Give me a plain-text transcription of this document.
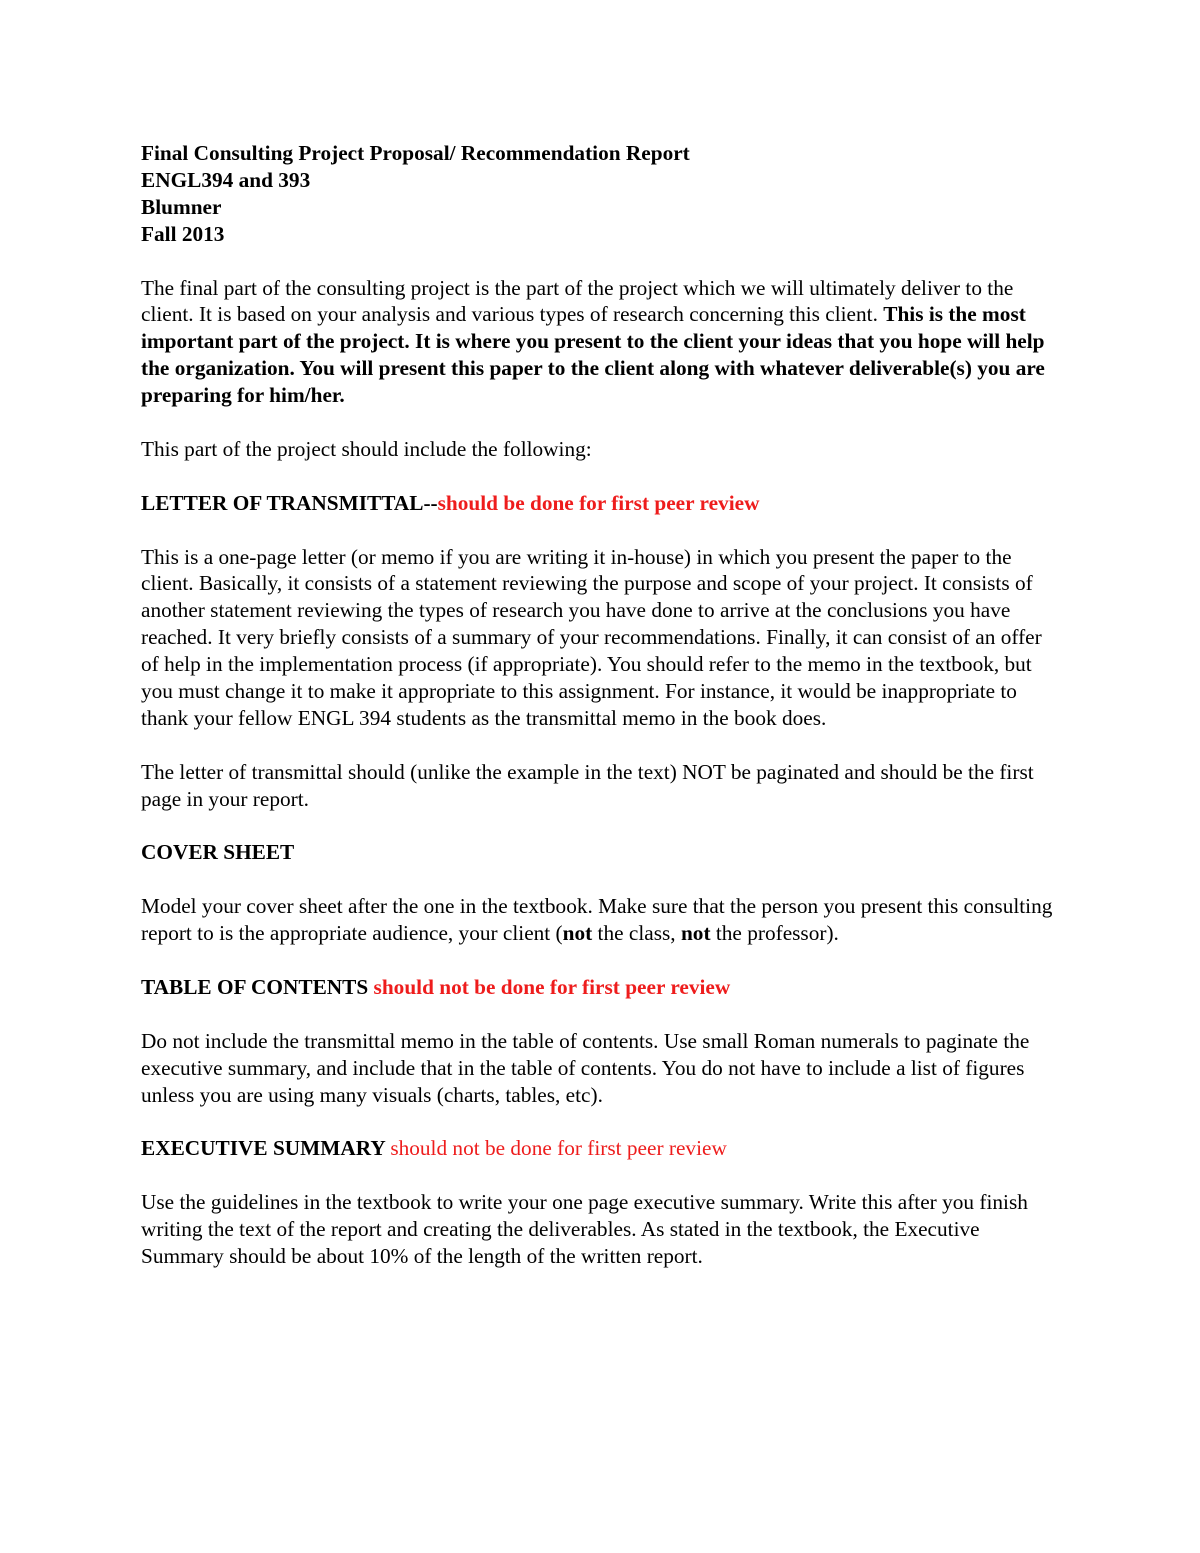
Final Consulting Project Proposal/ Recommendation Report
ENGL394 and 393
Blumner
Fall 2013

The final part of the consulting project is the part of the project which we will ultimately deliver to the client. It is based on your analysis and various types of research concerning this client. This is the most important part of the project. It is where you present to the client your ideas that you hope will help the organization. You will present this paper to the client along with whatever deliverable(s) you are preparing for him/her.

This part of the project should include the following:

LETTER OF TRANSMITTAL--should be done for first peer review

This is a one-page letter (or memo if you are writing it in-house) in which you present the paper to the client. Basically, it consists of a statement reviewing the purpose and scope of your project. It consists of another statement reviewing the types of research you have done to arrive at the conclusions you have reached. It very briefly consists of a summary of your recommendations. Finally, it can consist of an offer of help in the implementation process (if appropriate). You should refer to the memo in the textbook, but you must change it to make it appropriate to this assignment. For instance, it would be inappropriate to thank your fellow ENGL 394 students as the transmittal memo in the book does.

The letter of transmittal should (unlike the example in the text) NOT be paginated and should be the first page in your report.

COVER SHEET

Model your cover sheet after the one in the textbook. Make sure that the person you present this consulting report to is the appropriate audience, your client (not the class, not the professor).

TABLE OF CONTENTS should not be done for first peer review

Do not include the transmittal memo in the table of contents. Use small Roman numerals to paginate the executive summary, and include that in the table of contents. You do not have to include a list of figures unless you are using many visuals (charts, tables, etc).

EXECUTIVE SUMMARY should not be done for first peer review

Use the guidelines in the textbook to write your one page executive summary. Write this after you finish writing the text of the report and creating the deliverables. As stated in the textbook, the Executive Summary should be about 10% of the length of the written report.
